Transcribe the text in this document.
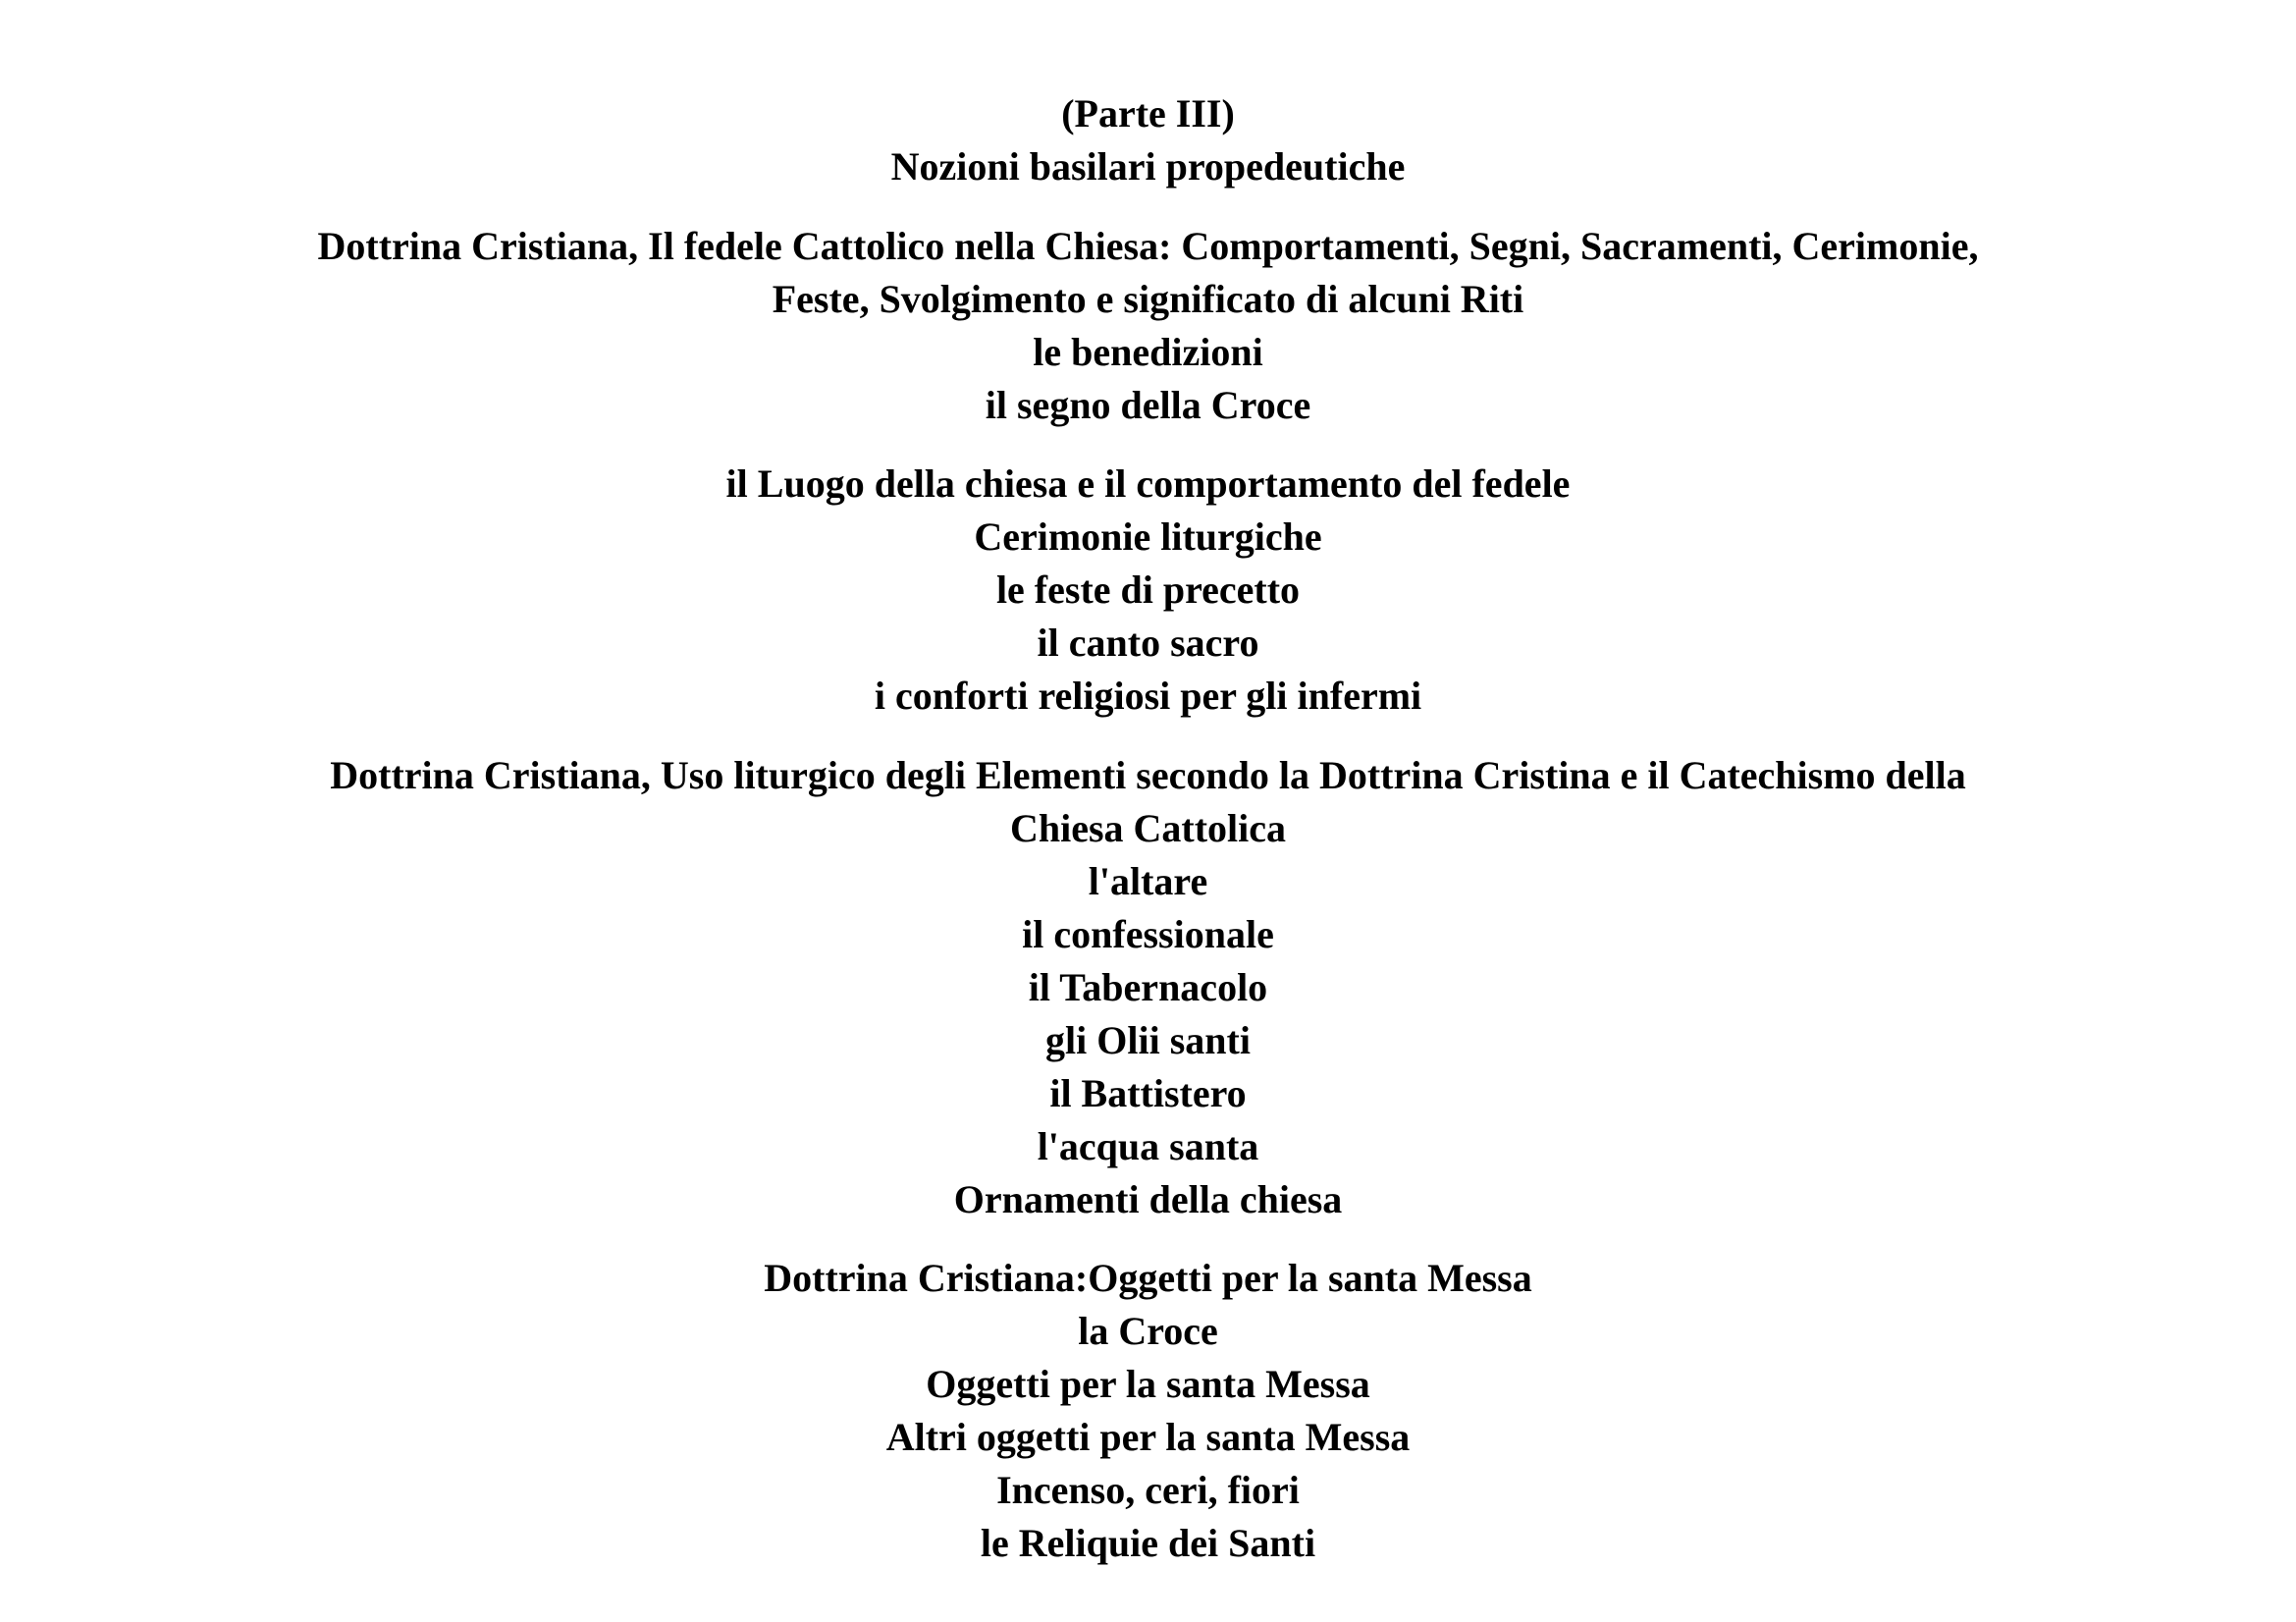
(Parte III)
Nozioni basilari propedeutiche
Dottrina Cristiana, Il fedele Cattolico nella Chiesa: Comportamenti, Segni, Sacramenti, Cerimonie,
Feste, Svolgimento e significato di alcuni Riti
le benedizioni
il segno della Croce
il Luogo della chiesa e il comportamento del fedele
Cerimonie liturgiche
le feste di precetto
il canto sacro
i conforti religiosi per gli infermi
Dottrina Cristiana, Uso liturgico degli Elementi secondo la Dottrina Cristina e il Catechismo della
Chiesa Cattolica
l'altare
il confessionale
il Tabernacolo
gli Olii santi
il Battistero
l'acqua santa
Ornamenti della chiesa
Dottrina Cristiana:Oggetti per la santa Messa
la Croce
Oggetti per la santa Messa
Altri oggetti per la santa Messa
Incenso, ceri, fiori
le Reliquie dei Santi
